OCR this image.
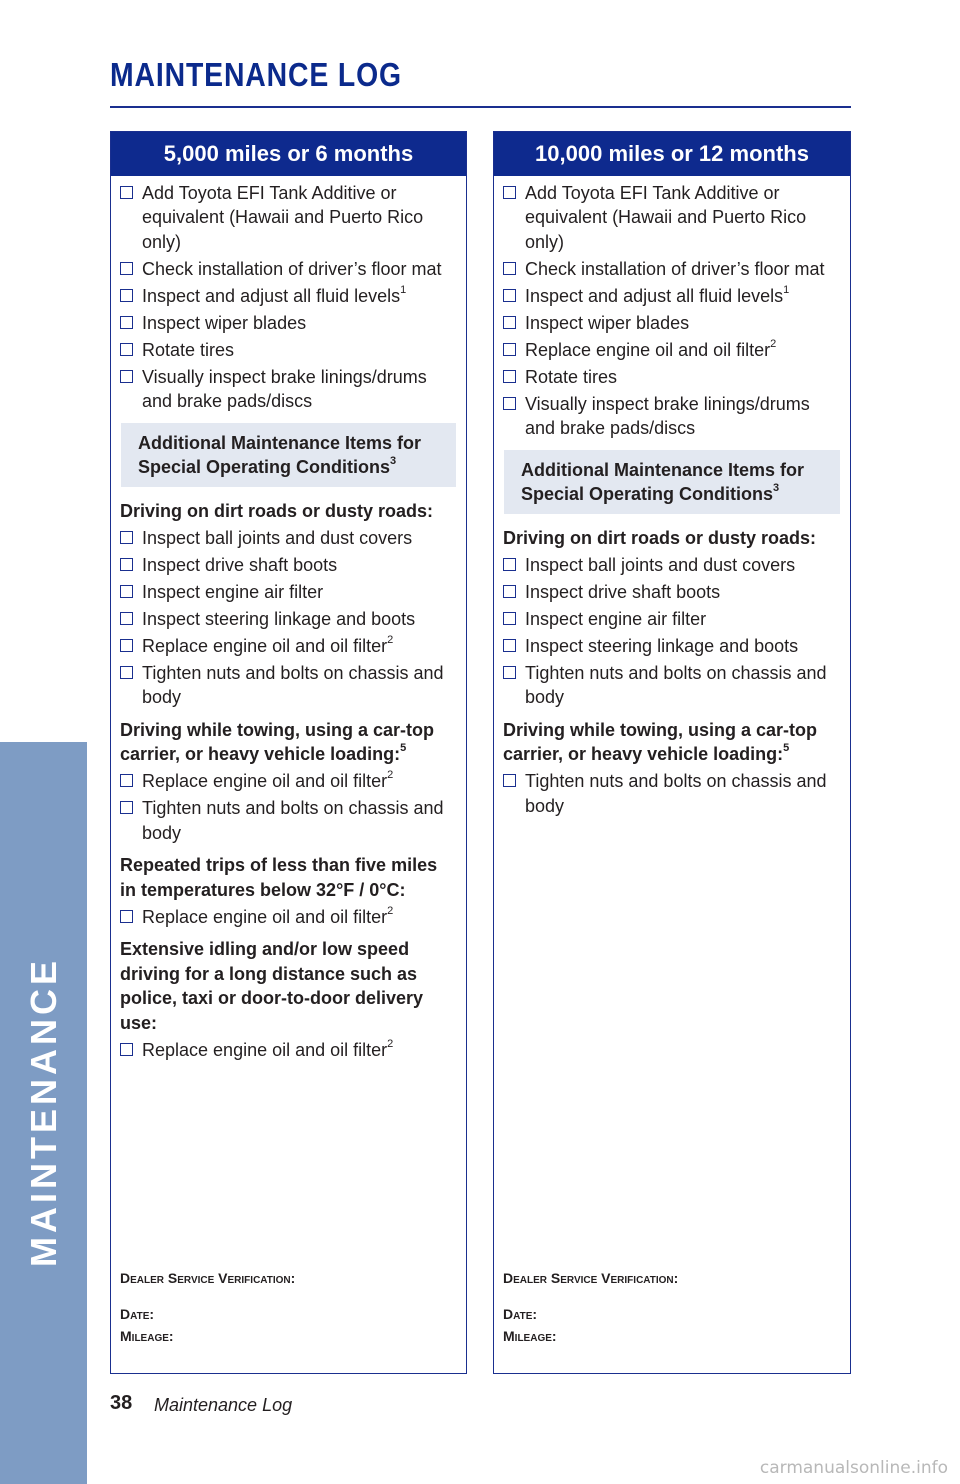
MAINTENANCE LOG
5,000 miles or 6 months
Add Toyota EFI Tank Additive or equivalent (Hawaii and Puerto Rico only)
Check installation of driver’s floor mat
Inspect and adjust all fluid levels$^1$
Inspect wiper blades
Rotate tires
Visually inspect brake linings/drums and brake pads/discs
Additional Maintenance Items for
Special Operating Conditions$^3$
Driving on dirt roads or dusty roads:
Inspect ball joints and dust covers
Inspect drive shaft boots
Inspect engine air filter
Inspect steering linkage and boots
Replace engine oil and oil filter$^2$
Tighten nuts and bolts on chassis and body
Driving while towing, using a car-top carrier, or heavy vehicle loading:$^5$
Replace engine oil and oil filter$^2$
Tighten nuts and bolts on chassis and body
Repeated trips of less than five miles in temperatures below 32°F / 0°C:
Replace engine oil and oil filter$^2$
Extensive idling and/or low speed driving for a long distance such as police, taxi or door-to-door delivery use:
Replace engine oil and oil filter$^2$
Dealer Service Verification:
Date:
Mileage:
10,000 miles or 12 months
Add Toyota EFI Tank Additive or equivalent (Hawaii and Puerto Rico only)
Check installation of driver’s floor mat
Inspect and adjust all fluid levels$^1$
Inspect wiper blades
Replace engine oil and oil filter$^2$
Rotate tires
Visually inspect brake linings/drums and brake pads/discs
Additional Maintenance Items for
Special Operating Conditions$^3$
Driving on dirt roads or dusty roads:
Inspect ball joints and dust covers
Inspect drive shaft boots
Inspect engine air filter
Inspect steering linkage and boots
Tighten nuts and bolts on chassis and body
Driving while towing, using a car-top carrier, or heavy vehicle loading:$^5$
Tighten nuts and bolts on chassis and body
Dealer Service Verification:
Date:
Mileage:
MAINTENANCE
38 Maintenance Log
carmanualsonline.info
